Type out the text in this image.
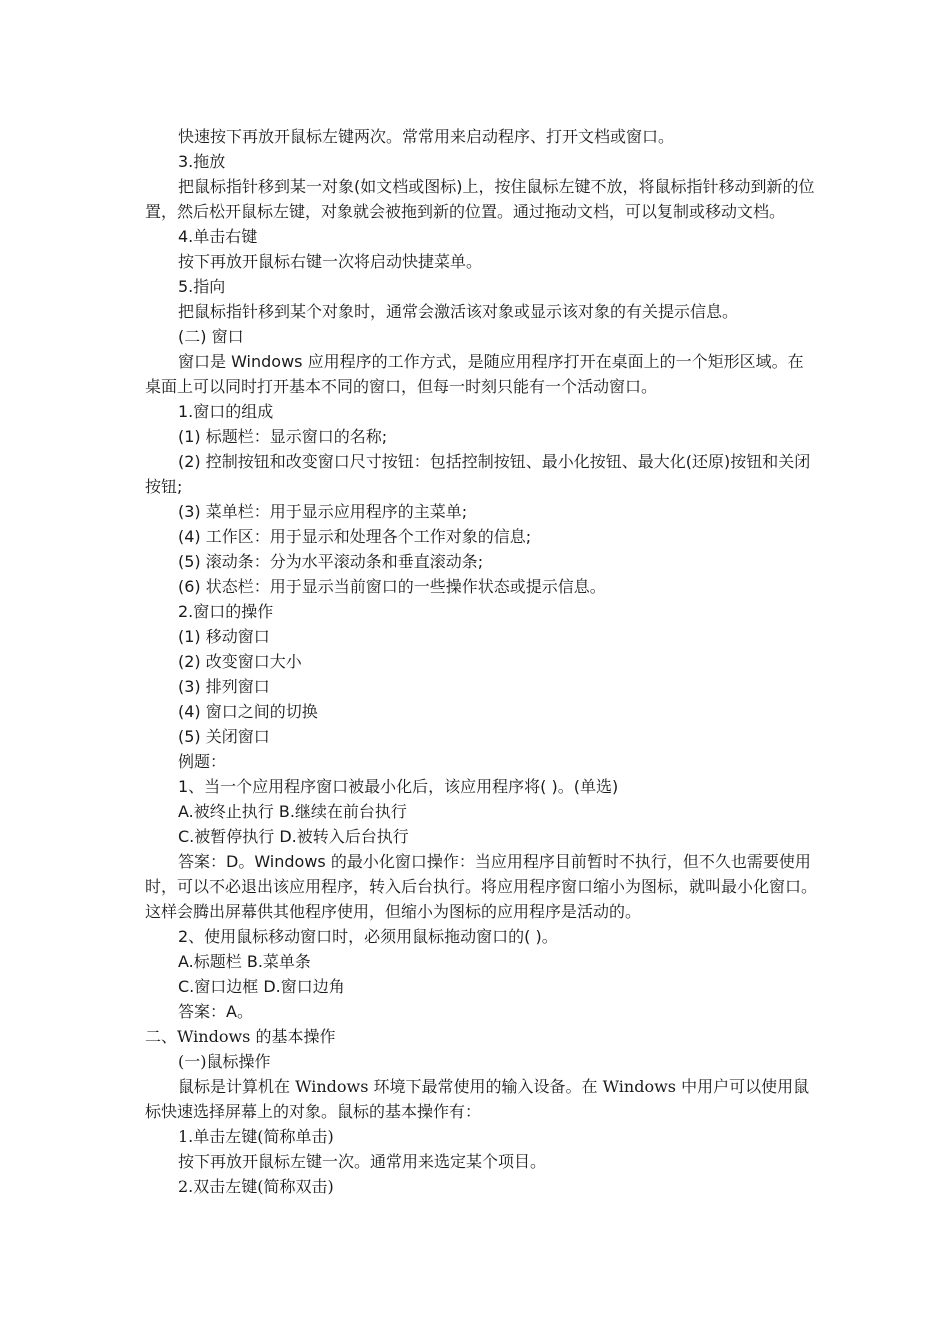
快速按下再放开鼠标左键两次。常常用来启动程序、打开文档或窗口。

3.拖放

把鼠标指针移到某一对象(如文档或图标)上，按住鼠标左键不放，将鼠标指针移动到新的位置，然后松开鼠标左键，对象就会被拖到新的位置。通过拖动文档，可以复制或移动文档。

4.单击右键

按下再放开鼠标右键一次将启动快捷菜单。

5.指向

把鼠标指针移到某个对象时，通常会激活该对象或显示该对象的有关提示信息。

(二) 窗口

窗口是 Windows 应用程序的工作方式，是随应用程序打开在桌面上的一个矩形区域。在桌面上可以同时打开基本不同的窗口，但每一时刻只能有一个活动窗口。

1.窗口的组成

(1) 标题栏：显示窗口的名称;

(2) 控制按钮和改变窗口尺寸按钮：包括控制按钮、最小化按钮、最大化(还原)按钮和关闭按钮;

(3) 菜单栏：用于显示应用程序的主菜单;

(4) 工作区：用于显示和处理各个工作对象的信息;

(5) 滚动条：分为水平滚动条和垂直滚动条;

(6) 状态栏：用于显示当前窗口的一些操作状态或提示信息。

2.窗口的操作

(1) 移动窗口

(2) 改变窗口大小

(3) 排列窗口

(4) 窗口之间的切换

(5) 关闭窗口

例题：

1、当一个应用程序窗口被最小化后，该应用程序将( )。(单选)

A.被终止执行 B.继续在前台执行

C.被暂停执行 D.被转入后台执行

答案：D。Windows 的最小化窗口操作：当应用程序目前暂时不执行，但不久也需要使用时，可以不必退出该应用程序，转入后台执行。将应用程序窗口缩小为图标，就叫最小化窗口。这样会腾出屏幕供其他程序使用，但缩小为图标的应用程序是活动的。

2、使用鼠标移动窗口时，必须用鼠标拖动窗口的( )。

A.标题栏 B.菜单条

C.窗口边框 D.窗口边角

答案：A。

二、Windows 的基本操作

(一)鼠标操作

鼠标是计算机在 Windows 环境下最常使用的输入设备。在 Windows 中用户可以使用鼠标快速选择屏幕上的对象。鼠标的基本操作有：

1.单击左键(简称单击)

按下再放开鼠标左键一次。通常用来选定某个项目。

2.双击左键(简称双击)
